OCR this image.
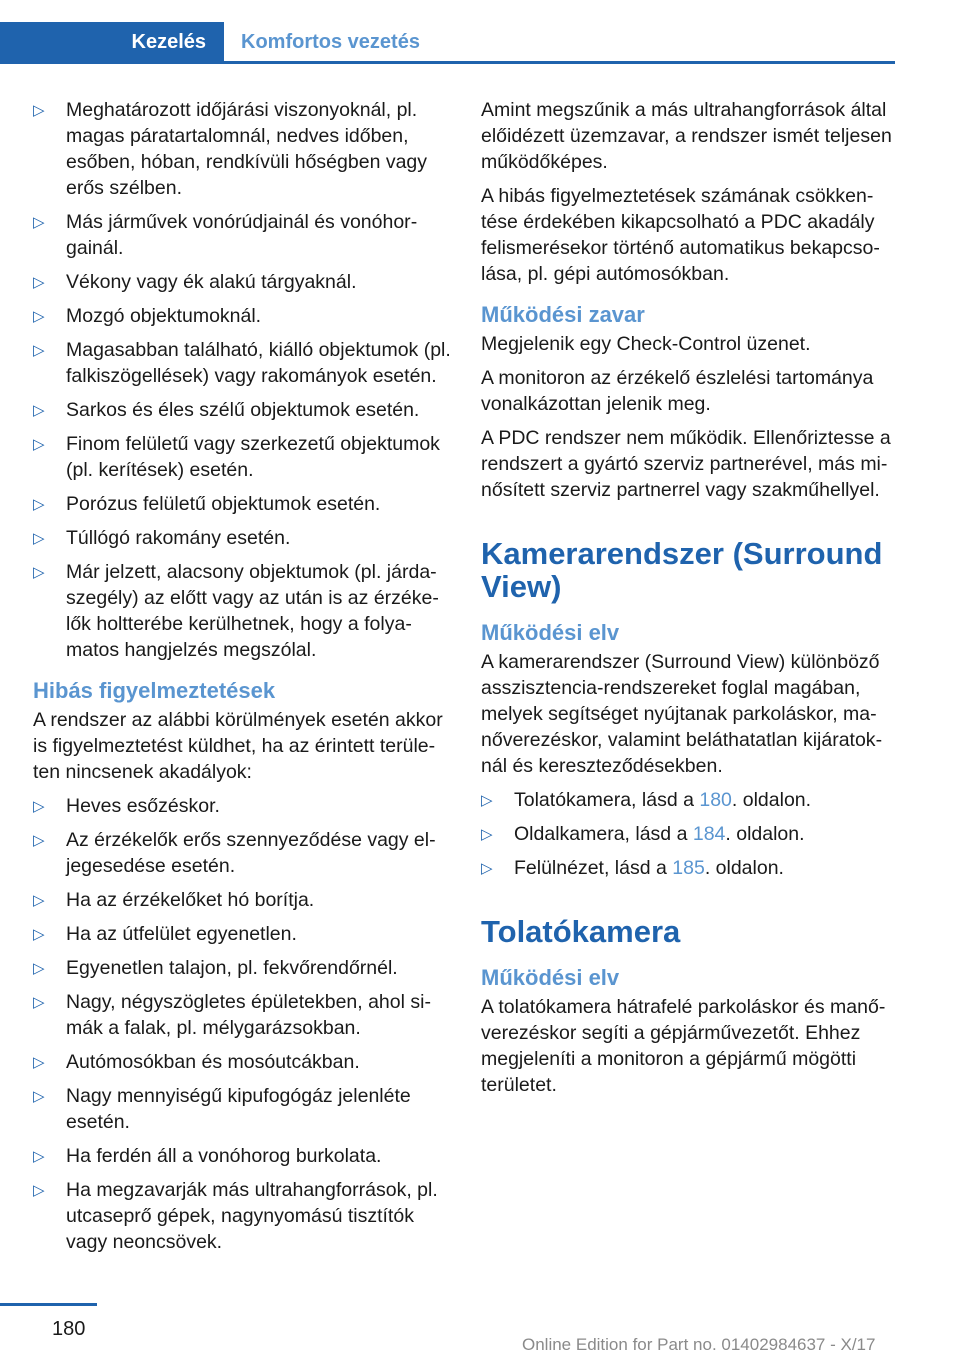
Kezelés	Komfortos vezetés
▷ Meghatározott időjárási viszonyoknál, pl. magas páratartalomnál, nedves időben, esőben, hóban, rendkívüli hőségben vagy erős szélben.
▷ Más járművek vonórúdjainál és vonóhorgainál.
▷ Vékony vagy ék alakú tárgyaknál.
▷ Mozgó objektumoknál.
▷ Magasabban található, kiálló objektumok (pl. falkiszögellések) vagy rakományok esetén.
▷ Sarkos és éles szélű objektumok esetén.
▷ Finom felületű vagy szerkezetű objektumok (pl. kerítések) esetén.
▷ Porózus felületű objektumok esetén.
▷ Túllógó rakomány esetén.
▷ Már jelzett, alacsony objektumok (pl. járdaszegély) az előtt vagy az után is az érzékelők holtterébe kerülhetnek, hogy a folyamatos hangjelzés megszólal.
Hibás figyelmeztetések

A rendszer az alábbi körülmények esetén akkor is figyelmeztetést küldhet, ha az érintett területen nincsenek akadályok:

▷ Heves esőzéskor.
▷ Az érzékelők erős szennyeződése vagy eljegesedése esetén.
▷ Ha az érzékelőket hó borítja.
▷ Ha az útfelület egyenetlen.
▷ Egyenetlen talajon, pl. fekvőrendőrnél.
▷ Nagy, négyszögletes épületekben, ahol simák a falak, pl. mélygarázsokban.
▷ Autómosókban és mosóutcákban.
▷ Nagy mennyiségű kipufogógáz jelenléte esetén.
▷ Ha ferdén áll a vonóhorog burkolata.
▷ Ha megzavarják más ultrahangforrások, pl. utcaseprő gépek, nagynyomású tisztítók vagy neoncsövek.

Amint megszűnik a más ultrahangforrások által előidézett üzemzavar, a rendszer ismét teljesen működőképes.

A hibás figyelmeztetések számának csökkentése érdekében kikapcsolható a PDC akadály felismerésekor történő automatikus bekapcsolása, pl. gépi autómosókban.

Működési zavar

Megjelenik egy Check-Control üzenet.

A monitoron az érzékelő észlelési tartománya vonalkázottan jelenik meg.

A PDC rendszer nem működik. Ellenőriztesse a rendszert a gyártó szerviz partnerével, más minősített szerviz partnerrel vagy szakműhellyel.

Kamerarendszer (Surround View)
Működési elv

A kamerarendszer (Surround View) különböző asszisztencia-rendszereket foglal magában, melyek segítséget nyújtanak parkoláskor, manőverezéskor, valamint beláthatatlan kijáratoknál és kereszteződésekben.

▷ Tolatókamera, lásd a 180. oldalon.
▷ Oldalkamera, lásd a 184. oldalon.
▷ Felülnézet, lásd a 185. oldalon.
Tolatókamera
Működési elv

A tolatókamera hátrafelé parkoláskor és manőverezéskor segíti a gépjárművezetőt. Ehhez megjeleníti a monitoron a gépjármű mögötti területet.

180
Online Edition for Part no. 01402984637 - X/17
